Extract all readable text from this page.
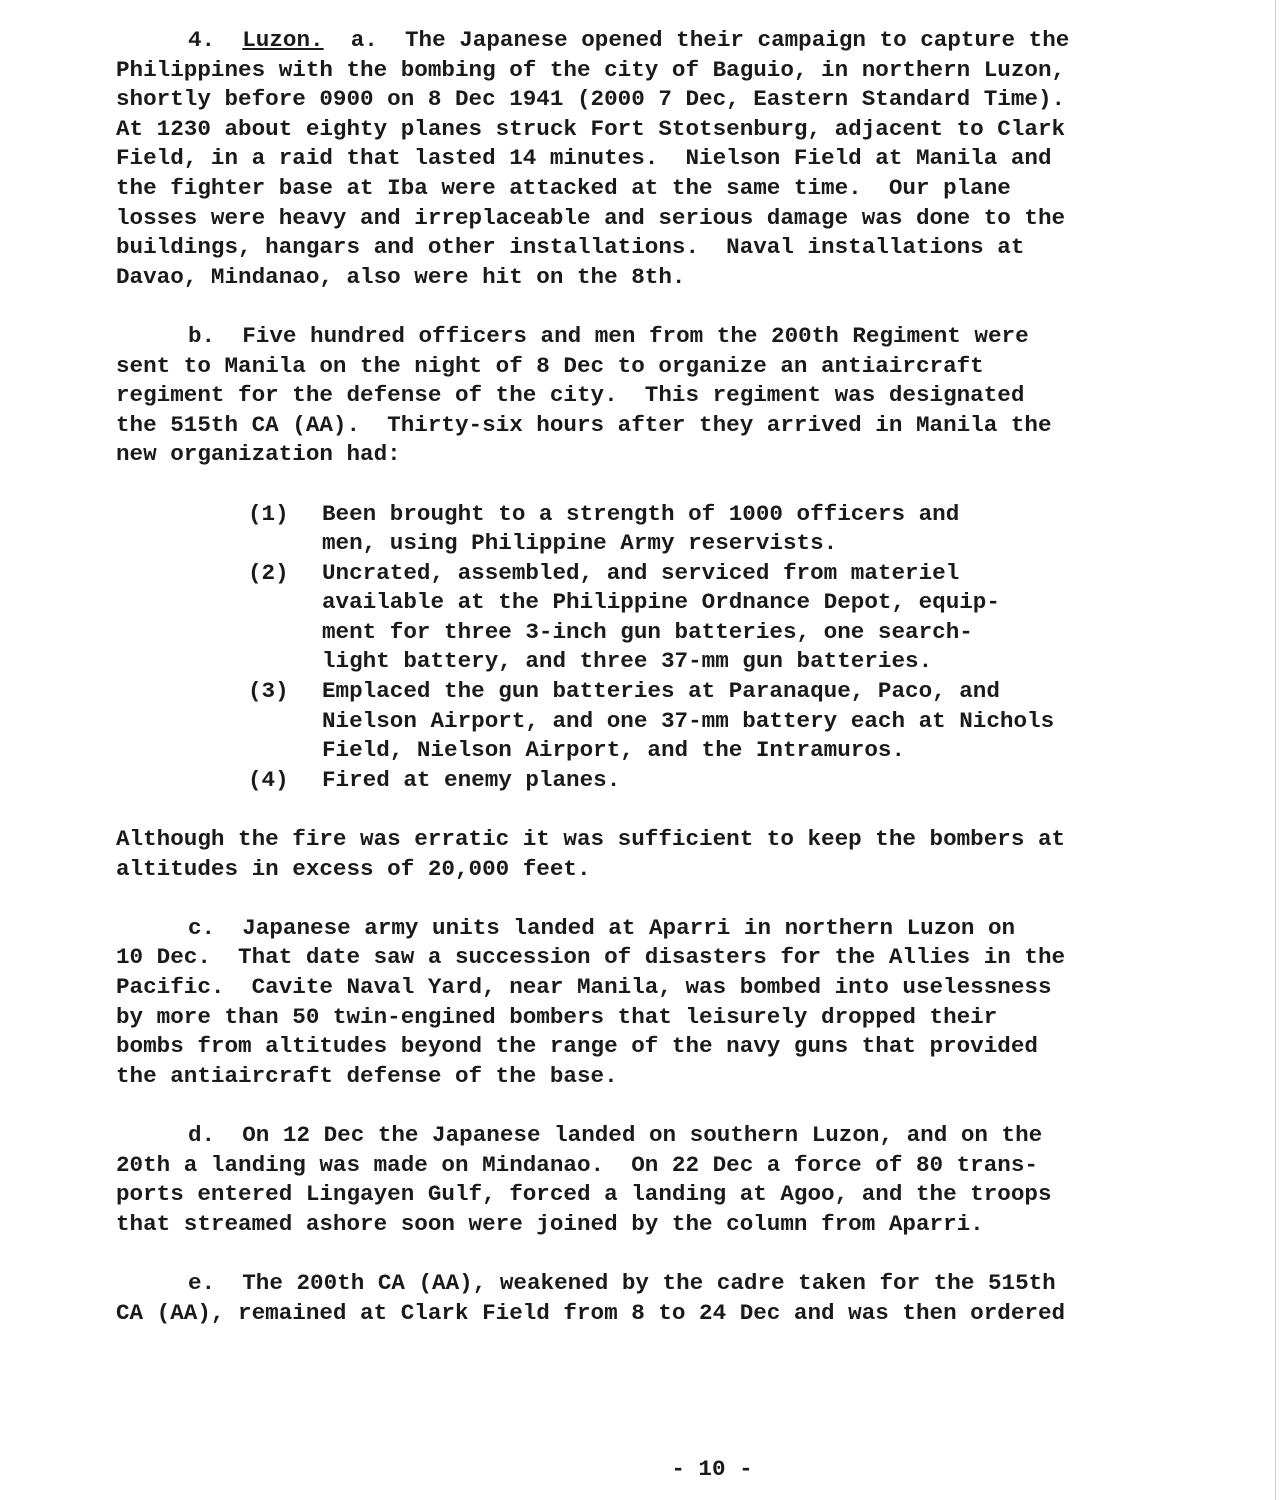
4. Luzon. a. The Japanese opened their campaign to capture the
Philippines with the bombing of the city of Baguio, in northern Luzon,
shortly before 0900 on 8 Dec 1941 (2000 7 Dec, Eastern Standard Time).
At 1230 about eighty planes struck Fort Stotsenburg, adjacent to Clark
Field, in a raid that lasted 14 minutes.  Nielson Field at Manila and
the fighter base at Iba were attacked at the same time.  Our plane
losses were heavy and irreplaceable and serious damage was done to the
buildings, hangars and other installations.  Naval installations at
Davao, Mindanao, also were hit on the 8th.
b.  Five hundred officers and men from the 200th Regiment were
sent to Manila on the night of 8 Dec to organize an antiaircraft
regiment for the defense of the city.  This regiment was designated
the 515th CA (AA).  Thirty-six hours after they arrived in Manila the
new organization had:
(1)	Been brought to a strength of 1000 officers and
men, using Philippine Army reservists.
(2)	Uncrated, assembled, and serviced from materiel
available at the Philippine Ordnance Depot, equip-
ment for three 3-inch gun batteries, one search-
light battery, and three 37-mm gun batteries.
(3)	Emplaced the gun batteries at Paranaque, Paco, and
Nielson Airport, and one 37-mm battery each at Nichols
Field, Nielson Airport, and the Intramuros.
(4)	Fired at enemy planes.
Although the fire was erratic it was sufficient to keep the bombers at
altitudes in excess of 20,000 feet.
c.  Japanese army units landed at Aparri in northern Luzon on
10 Dec.  That date saw a succession of disasters for the Allies in the
Pacific.  Cavite Naval Yard, near Manila, was bombed into uselessness
by more than 50 twin-engined bombers that leisurely dropped their
bombs from altitudes beyond the range of the navy guns that provided
the antiaircraft defense of the base.
d.  On 12 Dec the Japanese landed on southern Luzon, and on the
20th a landing was made on Mindanao.  On 22 Dec a force of 80 trans-
ports entered Lingayen Gulf, forced a landing at Agoo, and the troops
that streamed ashore soon were joined by the column from Aparri.
e.  The 200th CA (AA), weakened by the cadre taken for the 515th
CA (AA), remained at Clark Field from 8 to 24 Dec and was then ordered
- 10 -
